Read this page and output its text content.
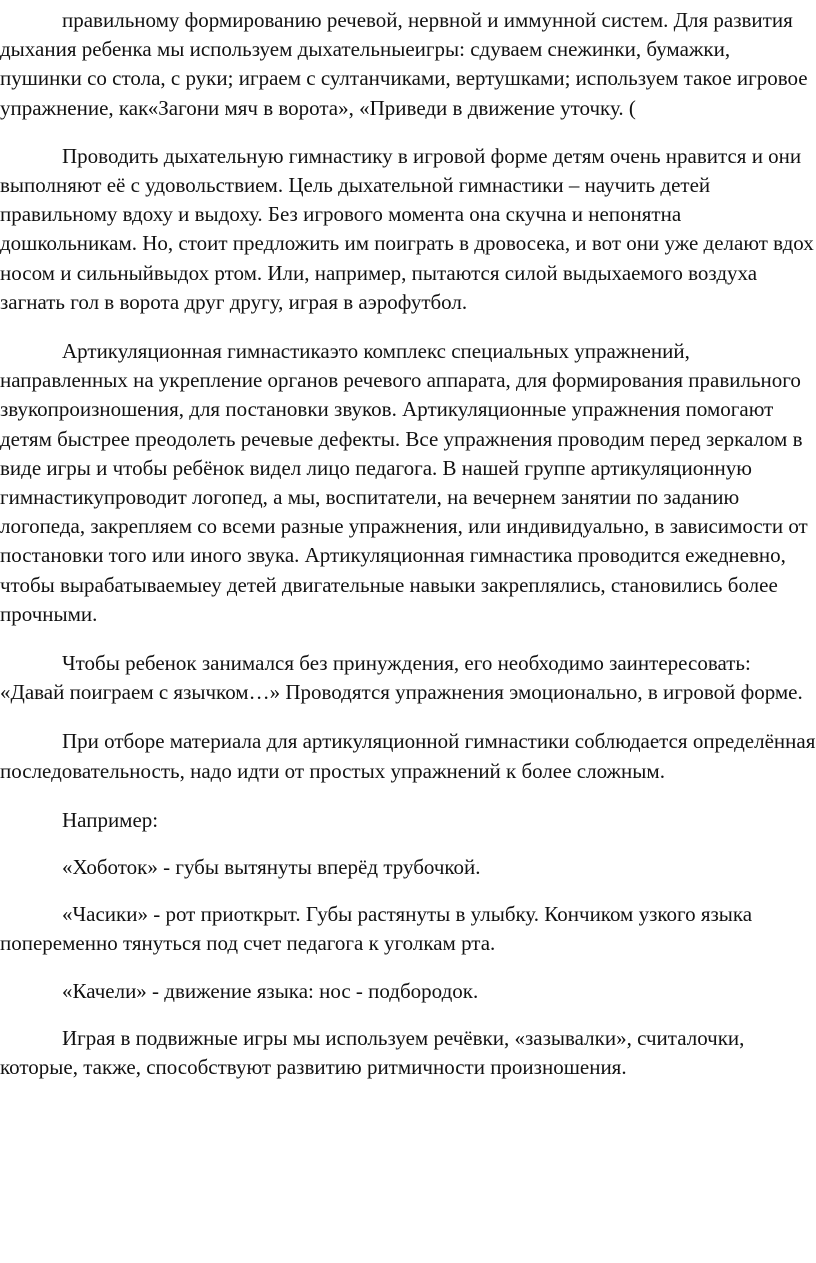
правильному формированию речевой, нервной и иммунной систем. Для развития дыхания ребенка мы используем дыхательныеигры: сдуваем снежинки, бумажки, пушинки со стола, с руки; играем с султанчиками, вертушками; используем такое игровое упражнение, как«Загони мяч в ворота», «Приведи в движение уточку. (

Проводить дыхательную гимнастику в игровой форме детям очень нравится и они выполняют её с удовольствием. Цель дыхательной гимнастики – научить детей правильному вдоху и выдоху. Без игрового момента она скучна и непонятна дошкольникам. Но, стоит предложить им поиграть в дровосека, и вот они уже делают вдох носом и сильныйвыдох ртом. Или, например, пытаются силой выдыхаемого воздуха загнать гол в ворота друг другу, играя в аэрофутбол.

Артикуляционная гимнастикаэто комплекс специальных упражнений, направленных на укрепление органов речевого аппарата, для формирования правильного звукопроизношения, для постановки звуков. Артикуляционные упражнения помогают детям быстрее преодолеть речевые дефекты. Все упражнения проводим перед зеркалом в виде игры и чтобы ребёнок видел лицо педагога. В нашей группе артикуляционную гимнастикупроводит логопед, а мы, воспитатели, на вечернем занятии по заданию логопеда, закрепляем со всеми разные упражнения, или индивидуально, в зависимости от постановки того или иного звука. Артикуляционная гимнастика проводится ежедневно, чтобы вырабатываемыеу детей двигательные навыки закреплялись, становились более прочными.

Чтобы ребенок занимался без принуждения, его необходимо заинтересовать: «Давай поиграем с язычком…» Проводятся упражнения эмоционально, в игровой форме.

При отборе материала для артикуляционной гимнастики соблюдается определённая последовательность, надо идти от простых упражнений к более сложным.

Например:

«Хоботок» - губы вытянуты вперёд трубочкой.

«Часики» - рот приоткрыт. Губы растянуты в улыбку. Кончиком узкого языка попеременно тянуться под счет педагога к уголкам рта.

«Качели» - движение языка: нос - подбородок.

Играя в подвижные игры мы используем речёвки, «зазывалки», считалочки, которые, также, способствуют развитию ритмичности произношения.
